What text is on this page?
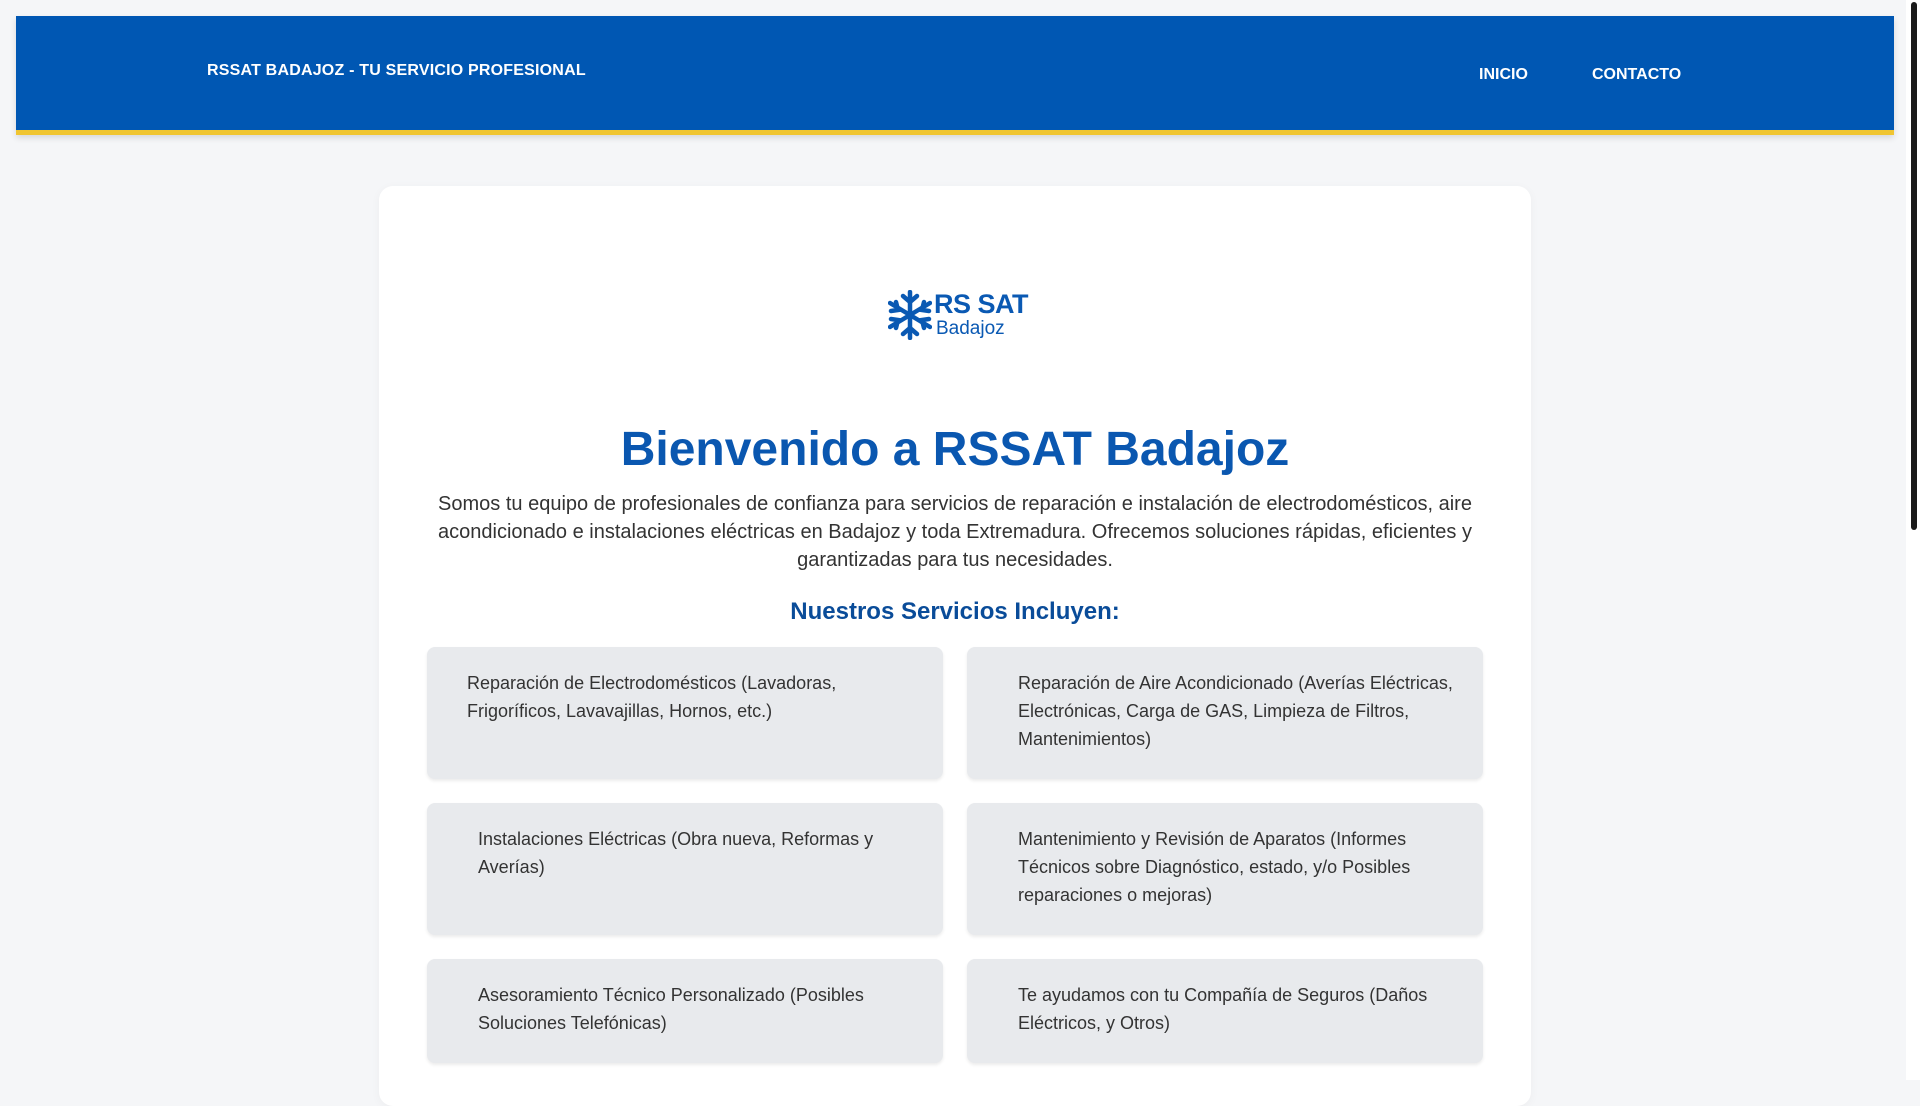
RSSAT BADAJOZ - TU SERVICIO PROFESIONAL	INICIO	CONTACTO
RS SAT
Badajoz
Bienvenido a RSSAT Badajoz

Somos tu equipo de profesionales de confianza para servicios de reparación e instalación de electrodomésticos, aire acondicionado e instalaciones eléctricas en Badajoz y toda Extremadura. Ofrecemos soluciones rápidas, eficientes y garantizadas para tus necesidades.

Nuestros Servicios Incluyen:
Reparación de Electrodomésticos (Lavadoras, Frigoríficos, Lavavajillas, Hornos, etc.)
Reparación de Aire Acondicionado (Averías Eléctricas, Electrónicas, Carga de GAS, Limpieza de Filtros, Mantenimientos)
Instalaciones Eléctricas (Obra nueva, Reformas y Averías)
Mantenimiento y Revisión de Aparatos (Informes Técnicos sobre Diagnóstico, estado, y/o Posibles reparaciones o mejoras)
Asesoramiento Técnico Personalizado (Posibles Soluciones Telefónicas)
Te ayudamos con tu Compañía de Seguros (Daños Eléctricos, y Otros)
